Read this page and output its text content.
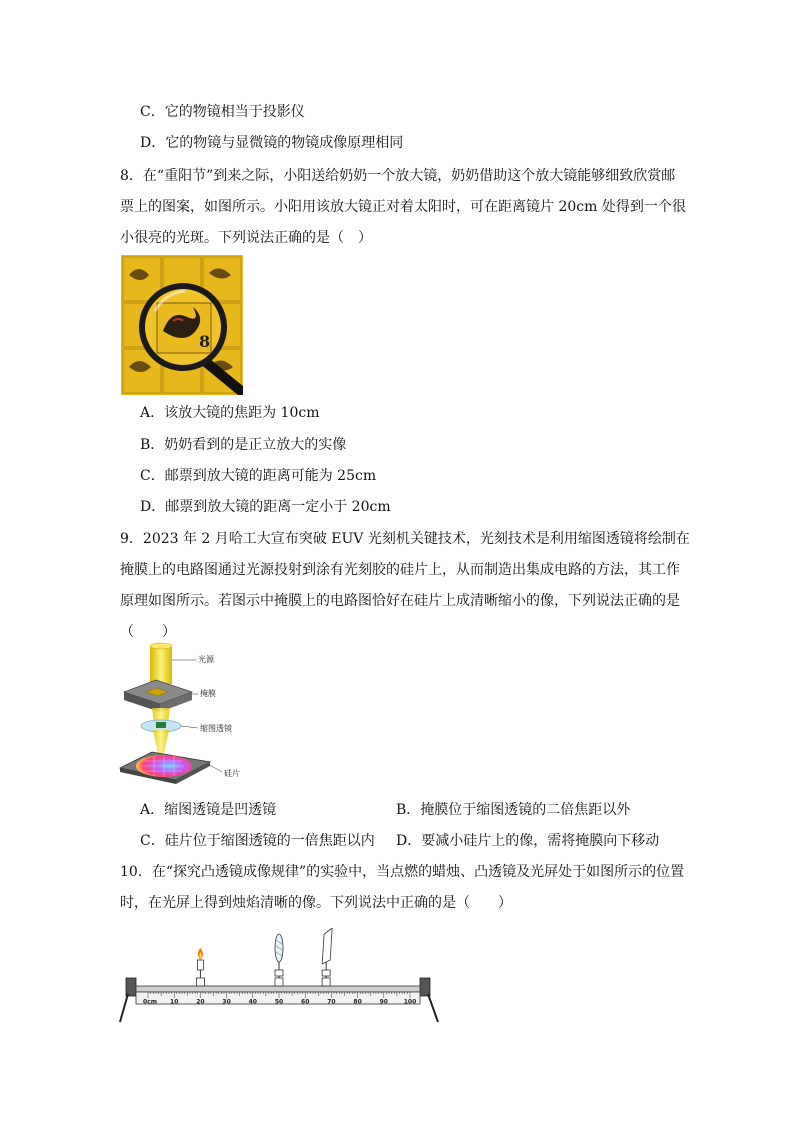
C．它的物镜相当于投影仪
D．它的物镜与显微镜的物镜成像原理相同
8．在“重阳节”到来之际，小阳送给奶奶一个放大镜，奶奶借助这个放大镜能够细致欣赏邮
票上的图案，如图所示。小阳用该放大镜正对着太阳时，可在距离镜片 20cm 处得到一个很
小很亮的光斑。下列说法正确的是（　）
8
A．该放大镜的焦距为 10cm
B．奶奶看到的是正立放大的实像
C．邮票到放大镜的距离可能为 25cm
D．邮票到放大镜的距离一定小于 20cm
9．2023 年 2 月哈工大宣布突破 EUV 光刻机关键技术，光刻技术是利用缩图透镜将绘制在
掩膜上的电路图通过光源投射到涂有光刻胶的硅片上，从而制造出集成电路的方法，其工作
原理如图所示。若图示中掩膜上的电路图恰好在硅片上成清晰缩小的像，下列说法正确的是
（　　）
光源
掩膜
缩图透镜
硅片
A．缩图透镜是凹透镜	B．掩膜位于缩图透镜的二倍焦距以外
C．硅片位于缩图透镜的一倍焦距以内 D．要减小硅片上的像，需将掩膜向下移动
10．在“探究凸透镜成像规律”的实验中，当点燃的蜡烛、凸透镜及光屏处于如图所示的位置
时，在光屏上得到烛焰清晰的像。下列说法中正确的是（　　）
0cm 10	20	30	40	50	60	70	80	90	100
